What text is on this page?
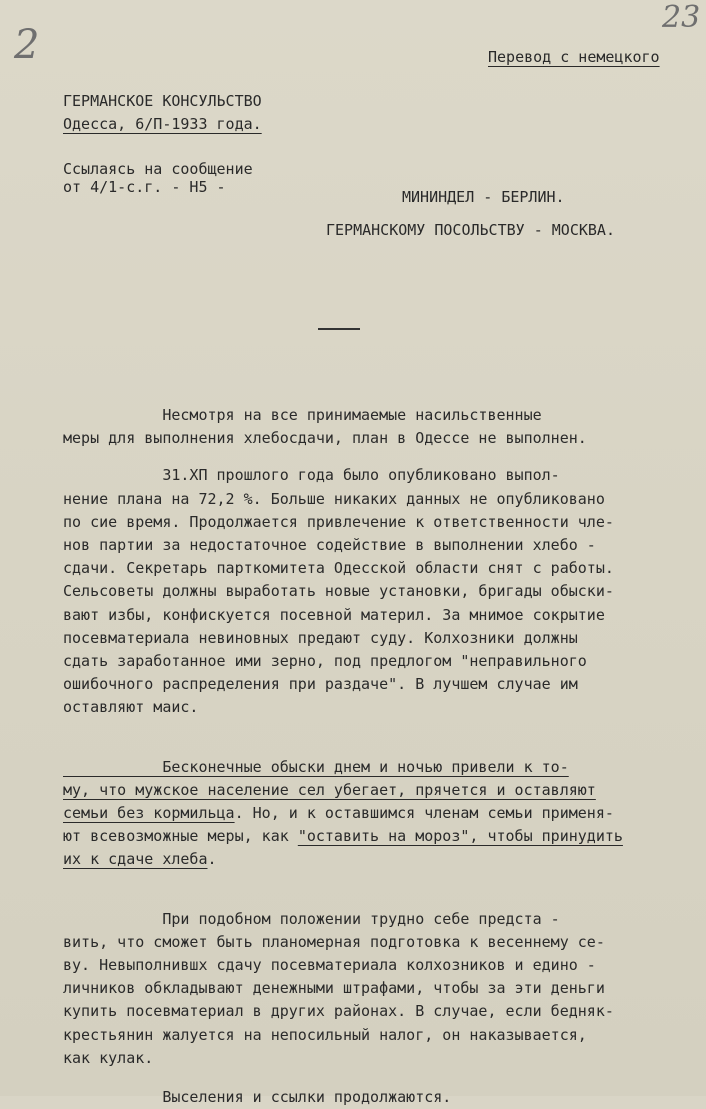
2
23
Перевод с немецкого
ГЕРМАНСКОЕ КОНСУЛЬСТВО
Одесса, 6/П-1933 года.
Ссылаясь на сообщение
от 4/1-с.г. - Н5 -
МИНИНДЕЛ - БЕРЛИН.
ГЕРМАНСКОМУ ПОСОЛЬСТВУ - МОСКВА.
Несмотря на все принимаемые насильственные
меры для выполнения хлебосдачи, план в Одессе не выполнен.
31.ХП прошлого года было опубликовано выпол-
нение плана на 72,2 %. Больше никаких данных не опубликовано
по сие время. Продолжается привлечение к ответственности чле-
нов партии за недостаточное содействие в выполнении хлебо -
сдачи. Секретарь парткомитета Одесской области снят с работы.
Сельсоветы должны выработать новые установки, бригады обыски-
вают избы, конфискуется посевной материл. За мнимое сокрытие
посевматериала невиновных предают суду. Колхозники должны
сдать заработанное ими зерно, под предлогом "неправильного
ошибочного распределения при раздаче". В лучшем случае им
оставляют маис.
Бесконечные обыски днем и ночью привели к то-
му, что мужское население сел убегает, прячется и оставляют
семьи без кормильца. Но, и к оставшимся членам семьи применя-
ют всевозможные меры, как "оставить на мороз", чтобы принудить
их к сдаче хлеба.
При подобном положении трудно себе предста -
вить, что сможет быть планомерная подготовка к весеннему се-
ву. Невыполнившх сдачу посевматериала колхозников и едино -
личников обкладывают денежными штрафами, чтобы за эти деньги
купить посевматериал в других районах. В случае, если бедняк-
крестьянин жалуется на непосильный налог, он наказывается,
как кулак.
Выселения и ссылки продолжаются.
